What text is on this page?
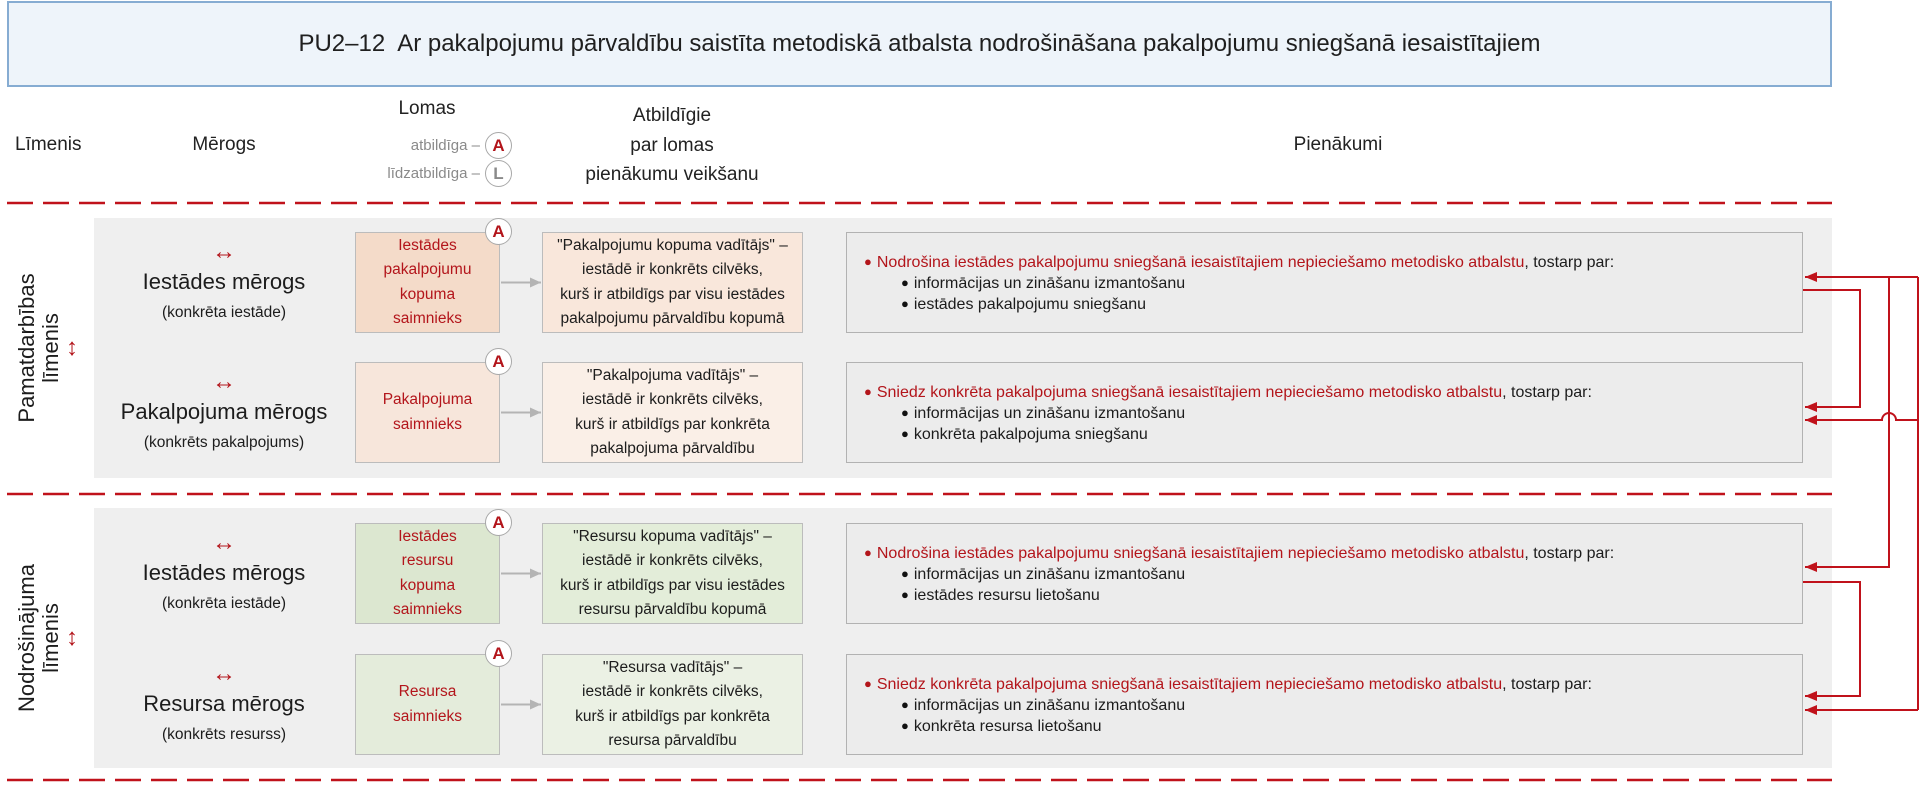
PU2–12  Ar pakalpojumu pārvaldību saistīta metodiskā atbalsta nodrošināšana pakalpojumu sniegšanā iesaistītajiem
Līmenis	Mērogs
Lomas
atbildīga – A
līdzatbildīga – L
Atbildīgie
par lomas
pienākumu veikšanu
Pienākumi
Pamatdarbības līmenis
↕
Nodrošinājuma līmenis
↕
↔
Iestādes mērogs
(konkrēta iestāde)
Iestādes
pakalpojumu
kopuma
saimnieks
A
"Pakalpojumu kopuma vadītājs" –
iestādē ir konkrēts cilvēks,
kurš ir atbildīgs par visu iestādes
pakalpojumu pārvaldību kopumā
● Nodrošina iestādes pakalpojumu sniegšanā iesaistītajiem nepieciešamo metodisko atbalstu, tostarp par:
● informācijas un zināšanu izmantošanu
● iestādes pakalpojumu sniegšanu
↔
Pakalpojuma mērogs
(konkrēts pakalpojums)
Pakalpojuma
saimnieks
A
"Pakalpojuma vadītājs" –
iestādē ir konkrēts cilvēks,
kurš ir atbildīgs par konkrēta
pakalpojuma pārvaldību
● Sniedz konkrēta pakalpojuma sniegšanā iesaistītajiem nepieciešamo metodisko atbalstu, tostarp par:
● informācijas un zināšanu izmantošanu
● konkrēta pakalpojuma sniegšanu
↔
Iestādes mērogs
(konkrēta iestāde)
Iestādes
resursu
kopuma
saimnieks
A
"Resursu kopuma vadītājs" –
iestādē ir konkrēts cilvēks,
kurš ir atbildīgs par visu iestādes
resursu pārvaldību kopumā
● Nodrošina iestādes pakalpojumu sniegšanā iesaistītajiem nepieciešamo metodisko atbalstu, tostarp par:
● informācijas un zināšanu izmantošanu
● iestādes resursu lietošanu
↔
Resursa mērogs
(konkrēts resurss)
Resursa
saimnieks
A
"Resursa vadītājs" –
iestādē ir konkrēts cilvēks,
kurš ir atbildīgs par konkrēta
resursa pārvaldību
● Sniedz konkrēta pakalpojuma sniegšanā iesaistītajiem nepieciešamo metodisko atbalstu, tostarp par:
● informācijas un zināšanu izmantošanu
● konkrēta resursa lietošanu
